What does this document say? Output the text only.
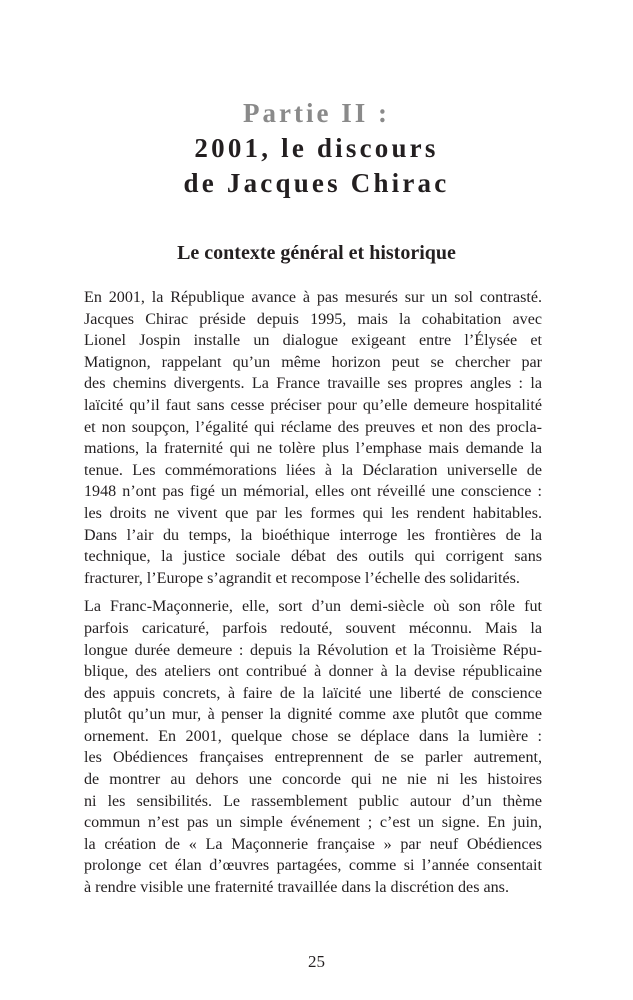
Partie II :
2001, le discours
de Jacques Chirac
Le contexte général et historique
En 2001, la République avance à pas mesurés sur un sol contrasté.
Jacques Chirac préside depuis 1995, mais la cohabitation avec
Lionel Jospin installe un dialogue exigeant entre l’Élysée et
Matignon, rappelant qu’un même horizon peut se chercher par
des chemins divergents. La France travaille ses propres angles : la
laïcité qu’il faut sans cesse préciser pour qu’elle demeure hospitalité
et non soupçon, l’égalité qui réclame des preuves et non des procla-
mations, la fraternité qui ne tolère plus l’emphase mais demande la
tenue. Les commémorations liées à la Déclaration universelle de
1948 n’ont pas figé un mémorial, elles ont réveillé une conscience :
les droits ne vivent que par les formes qui les rendent habitables.
Dans l’air du temps, la bioéthique interroge les frontières de la
technique, la justice sociale débat des outils qui corrigent sans
fracturer, l’Europe s’agrandit et recompose l’échelle des solidarités.
La Franc-Maçonnerie, elle, sort d’un demi-siècle où son rôle fut
parfois caricaturé, parfois redouté, souvent méconnu. Mais la
longue durée demeure : depuis la Révolution et la Troisième Répu-
blique, des ateliers ont contribué à donner à la devise républicaine
des appuis concrets, à faire de la laïcité une liberté de conscience
plutôt qu’un mur, à penser la dignité comme axe plutôt que comme
ornement. En 2001, quelque chose se déplace dans la lumière :
les Obédiences françaises entreprennent de se parler autrement,
de montrer au dehors une concorde qui ne nie ni les histoires
ni les sensibilités. Le rassemblement public autour d’un thème
commun n’est pas un simple événement ; c’est un signe. En juin,
la création de « La Maçonnerie française » par neuf Obédiences
prolonge cet élan d’œuvres partagées, comme si l’année consentait
à rendre visible une fraternité travaillée dans la discrétion des ans.
25
